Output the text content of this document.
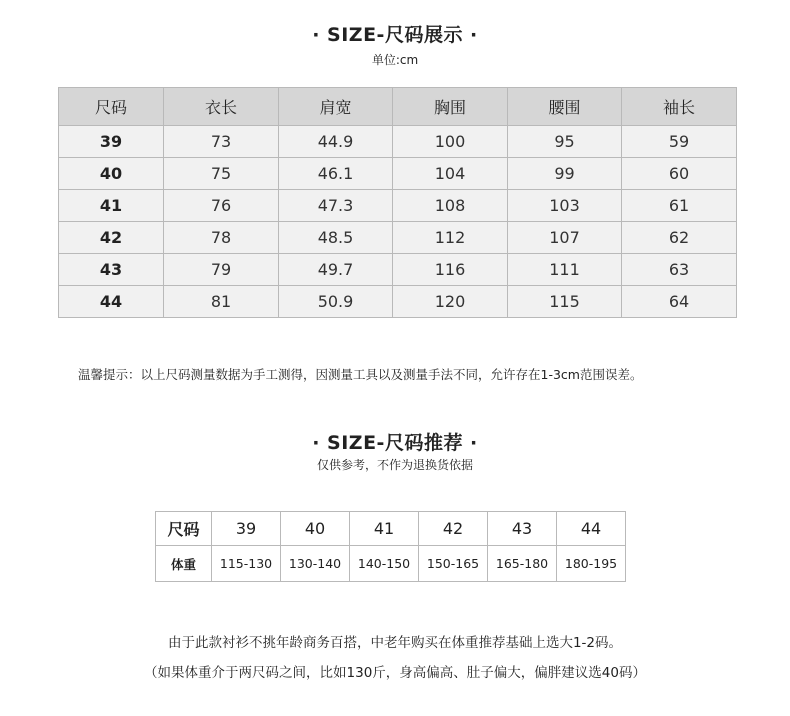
· SIZE-尺码展示 ·
单位:cm
尺码	衣长	肩宽	胸围	腰围	袖长
39	73	44.9	100	95	59
40	75	46.1	104	99	60
41	76	47.3	108	103	61
42	78	48.5	112	107	62
43	79	49.7	116	111	63
44	81	50.9	120	115	64
温馨提示：以上尺码测量数据为手工测得，因测量工具以及测量手法不同，允许存在1-3cm范围误差。
· SIZE-尺码推荐 ·
仅供参考，不作为退换货依据
尺码	39	40	41	42	43	44
体重	115-130	130-140	140-150	150-165	165-180	180-195
由于此款衬衫不挑年龄商务百搭，中老年购买在体重推荐基础上选大1-2码。
（如果体重介于两尺码之间，比如130斤，身高偏高、肚子偏大，偏胖建议选40码）
